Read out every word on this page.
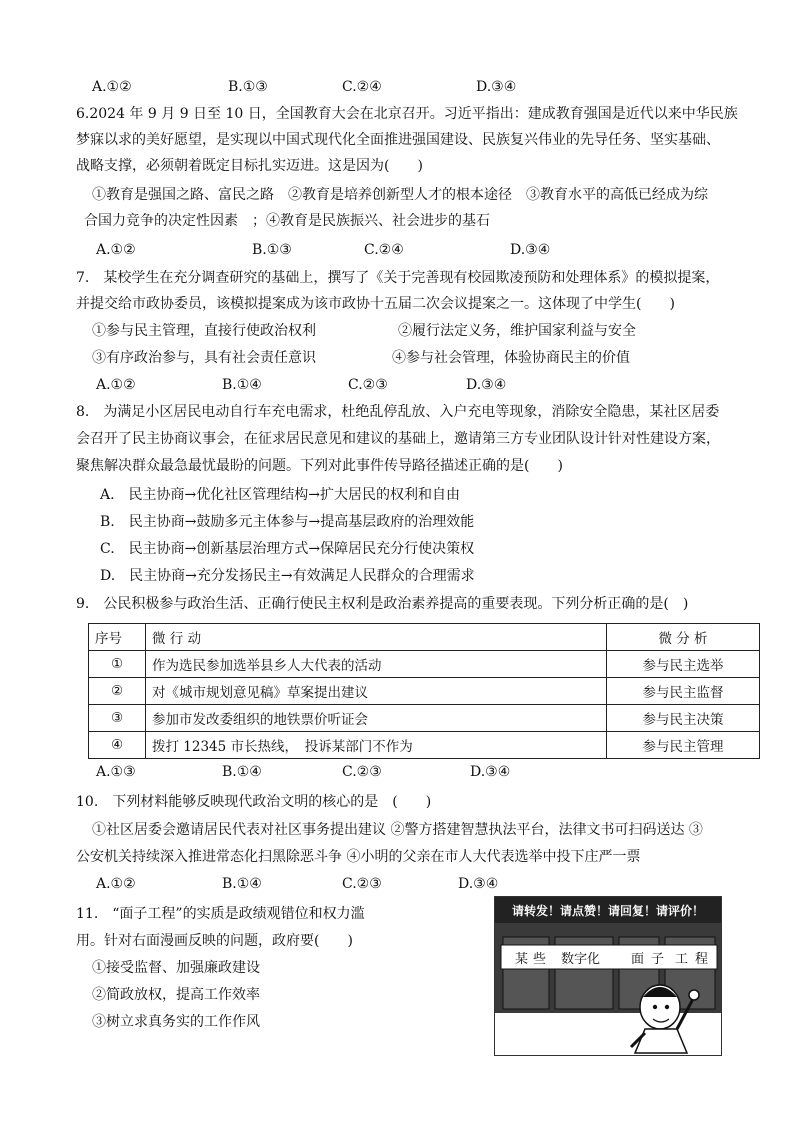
A.①②	B.①③	C.②④	D.③④
6.2024 年 9 月 9 日至 10 日，全国教育大会在北京召开。习近平指出：建成教育强国是近代以来中华民族
梦寐以求的美好愿望，是实现以中国式现代化全面推进强国建设、民族复兴伟业的先导任务、坚实基础、
战略支撑，必须朝着既定目标扎实迈进。这是因为(　　)
①教育是强国之路、富民之路　②教育是培养创新型人才的根本途径　③教育水平的高低已经成为综
合国力竞争的决定性因素　；④教育是民族振兴、社会进步的基石
A.①②	B.①③	C.②④	D.③④
7.　某校学生在充分调查研究的基础上，撰写了《关于完善现有校园欺凌预防和处理体系》的模拟提案，
并提交给市政协委员，该模拟提案成为该市政协十五届二次会议提案之一。这体现了中学生(　　)
①参与民主管理，直接行使政治权利	②履行法定义务，维护国家利益与安全
③有序政治参与，具有社会责任意识	④参与社会管理，体验协商民主的价值
A.①②	B.①④	C.②③	D.③④
8.　为满足小区居民电动自行车充电需求，杜绝乱停乱放、入户充电等现象，消除安全隐患，某社区居委
会召开了民主协商议事会，在征求居民意见和建议的基础上，邀请第三方专业团队设计针对性建设方案，
聚焦解决群众最急最忧最盼的问题。下列对此事件传导路径描述正确的是(　　)
A.　民主协商→优化社区管理结构→扩大居民的权利和自由
B.　民主协商→鼓励多元主体参与→提高基层政府的治理效能
C.　民主协商→创新基层治理方式→保障居民充分行使决策权
D.　民主协商→充分发扬民主→有效满足人民群众的合理需求
9.　公民积极参与政治生活、正确行使民主权利是政治素养提高的重要表现。下列分析正确的是(　)
序号	微 行 动	微 分 析
①	作为选民参加选举县乡人大代表的活动	参与民主选举
②	对《城市规划意见稿》草案提出建议	参与民主监督
③	参加市发改委组织的地铁票价听证会	参与民主决策
④	拨打 12345 市长热线，　投诉某部门不作为	参与民主管理
A.①③	B.①④	C.②③	D.③④
10.　下列材料能够反映现代政治文明的核心的是　(　　)
①社区居委会邀请居民代表对社区事务提出建议 ②警方搭建智慧执法平台，法律文书可扫码送达 ③
公安机关持续深入推进常态化扫黑除恶斗争 ④小明的父亲在市人大代表选举中投下庄严一票
A.①②	B.①④	C.②③	D.③④
11.　“面子工程”的实质是政绩观错位和权力滥
用。针对右面漫画反映的问题，政府要(　　)
①接受监督、加强廉政建设
②简政放权，提高工作效率
③树立求真务实的工作作风
请转发！请点赞！请回复！请评价！
某 些 数字化 面 子 工 程
